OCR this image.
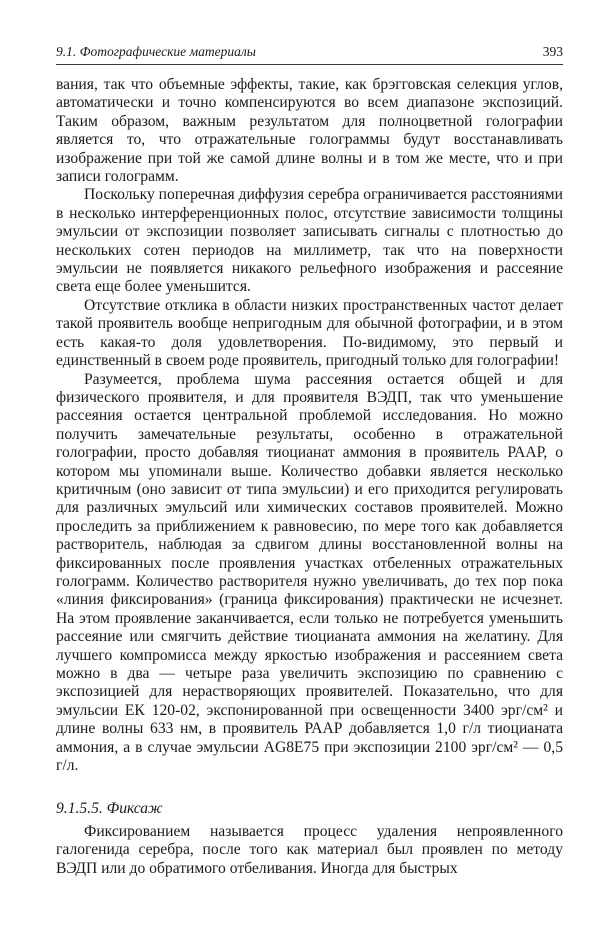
9.1. Фотографические материалы	393

вания, так что объемные эффекты, такие, как брэгговская селекция углов, автоматически и точно компенсируются во всем диапазоне экспозиций. Таким образом, важным результатом для полноцветной голографии является то, что отражательные голограммы будут восстанавливать изображение при той же самой длине волны и в том же месте, что и при записи голограмм.

Поскольку поперечная диффузия серебра ограничивается расстояниями в несколько интерференционных полос, отсутствие зависимости толщины эмульсии от экспозиции позволяет записывать сигналы с плотностью до нескольких сотен периодов на миллиметр, так что на поверхности эмульсии не появляется никакого рельефного изображения и рассеяние света еще более уменьшится.

Отсутствие отклика в области низких пространственных частот делает такой проявитель вообще непригодным для обычной фотографии, и в этом есть какая-то доля удовлетворения. По-видимому, это первый и единственный в своем роде проявитель, пригодный только для голографии!

Разумеется, проблема шума рассеяния остается общей и для физического проявителя, и для проявителя ВЭДП, так что уменьшение рассеяния остается центральной проблемой исследования. Но можно получить замечательные результаты, особенно в отражательной голографии, просто добавляя тиоцианат аммония в проявитель РААР, о котором мы упоминали выше. Количество добавки является несколько критичным (оно зависит от типа эмульсии) и его приходится регулировать для различных эмульсий или химических составов проявителей. Можно проследить за приближением к равновесию, по мере того как добавляется растворитель, наблюдая за сдвигом длины восстановленной волны на фиксированных после проявления участках отбеленных отражательных голограмм. Количество растворителя нужно увеличивать, до тех пор пока «линия фиксирования» (граница фиксирования) практически не исчезнет. На этом проявление заканчивается, если только не потребуется уменьшить рассеяние или смягчить действие тиоцианата аммония на желатину. Для лучшего компромисса между яркостью изображения и рассеянием света можно в два — четыре раза увеличить экспозицию по сравнению с экспозицией для нерастворяющих проявителей. Показательно, что для эмульсии ЕК 120-02, экспонированной при освещенности 3400 эрг/см² и длине волны 633 нм, в проявитель РААР добавляется 1,0 г/л тиоцианата аммония, а в случае эмульсии AG8E75 при экспозиции 2100 эрг/см² — 0,5 г/л.

9.1.5.5. Фиксаж

Фиксированием называется процесс удаления непроявленного галогенида серебра, после того как материал был проявлен по методу ВЭДП или до обратимого отбеливания. Иногда для быстрых
